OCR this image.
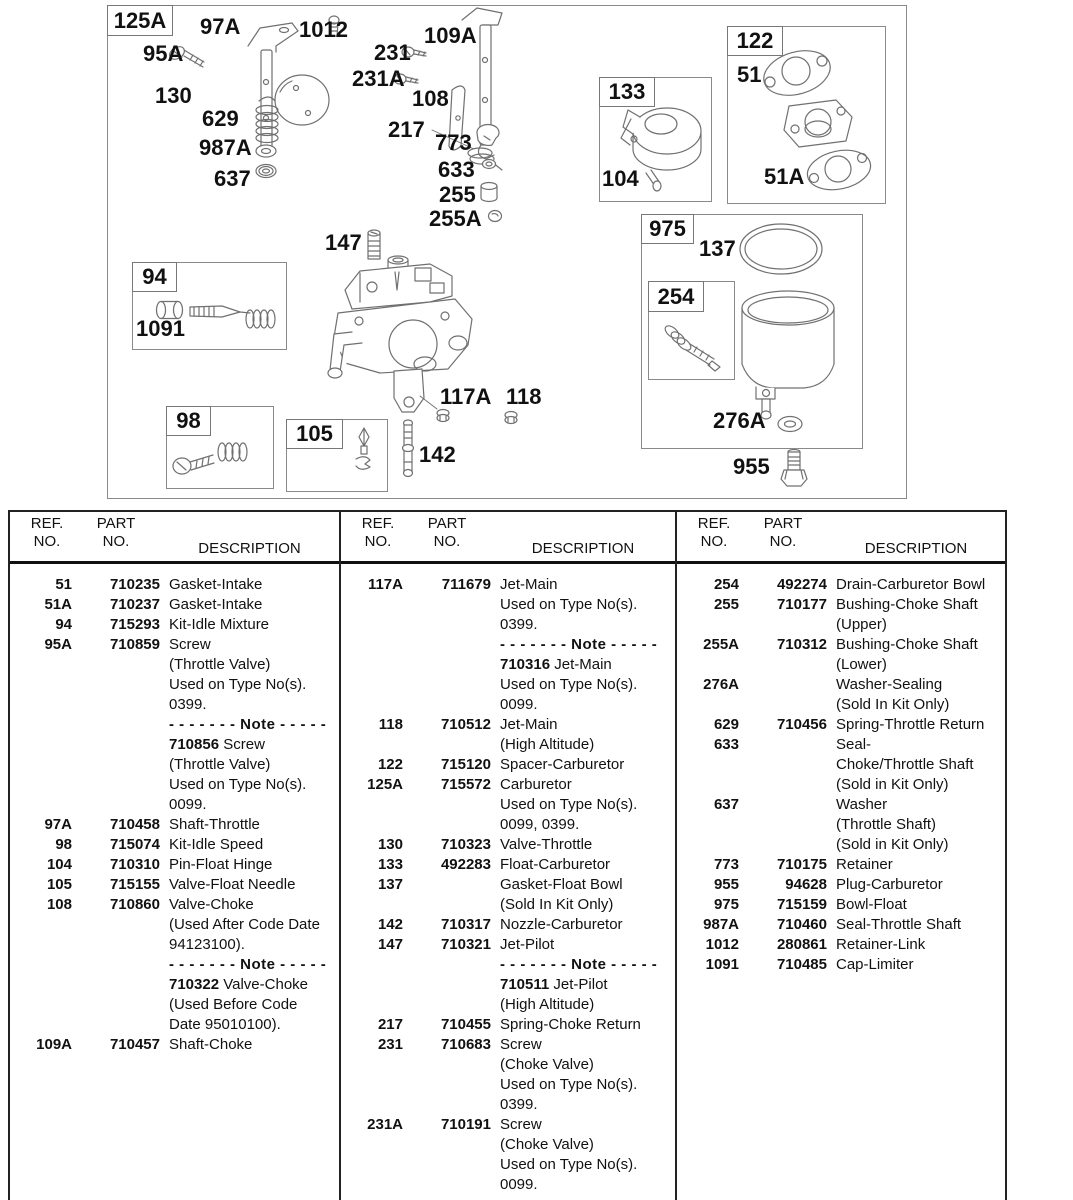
125A
122
133
975
254
94
98
105
97A	1012	109A
95A	231
231A
130	108
629	217
773
987A
633
637
255
255A
147
1091
117A 118
142
51
51A
104
137
276A
955
REF.
NO.
PART
NO.	DESCRIPTION
51	710235 Gasket-Intake
51A	710237 Gasket-Intake
94	715293 Kit-Idle Mixture
95A	710859 Screw
(Throttle Valve)
Used on Type No(s).
0399.
- - - - - - - Note - - - - -
710856 Screw
(Throttle Valve)
Used on Type No(s).
0099.
97A	710458 Shaft-Throttle
98	715074 Kit-Idle Speed
104	710310 Pin-Float Hinge
105	715155 Valve-Float Needle
108	710860 Valve-Choke
(Used After Code Date
94123100).
- - - - - - - Note - - - - -
710322 Valve-Choke
(Used Before Code
Date 95010100).
109A	710457 Shaft-Choke
REF.
NO.
PART
NO.	DESCRIPTION
117A	711679 Jet-Main
Used on Type No(s).
0399.
- - - - - - - Note - - - - -
710316 Jet-Main
Used on Type No(s).
0099.
118	710512 Jet-Main
(High Altitude)
122	715120 Spacer-Carburetor
125A	715572 Carburetor
Used on Type No(s).
0099, 0399.
130	710323 Valve-Throttle
133	492283 Float-Carburetor
137	Gasket-Float Bowl
(Sold In Kit Only)
142	710317 Nozzle-Carburetor
147	710321 Jet-Pilot
- - - - - - - Note - - - - -
710511 Jet-Pilot
(High Altitude)
217	710455 Spring-Choke Return
231	710683 Screw
(Choke Valve)
Used on Type No(s).
0399.
231A	710191 Screw
(Choke Valve)
Used on Type No(s).
0099.
REF.
NO.
PART
NO.	DESCRIPTION
254	492274 Drain-Carburetor Bowl
255	710177 Bushing-Choke Shaft
(Upper)
255A	710312 Bushing-Choke Shaft
(Lower)
276A	Washer-Sealing
(Sold In Kit Only)
629	710456 Spring-Throttle Return
633	Seal-
Choke/Throttle Shaft
(Sold in Kit Only)
637	Washer
(Throttle Shaft)
(Sold in Kit Only)
773	710175 Retainer
955	94628 Plug-Carburetor
975	715159 Bowl-Float
987A	710460 Seal-Throttle Shaft
1012	280861 Retainer-Link
1091	710485 Cap-Limiter
